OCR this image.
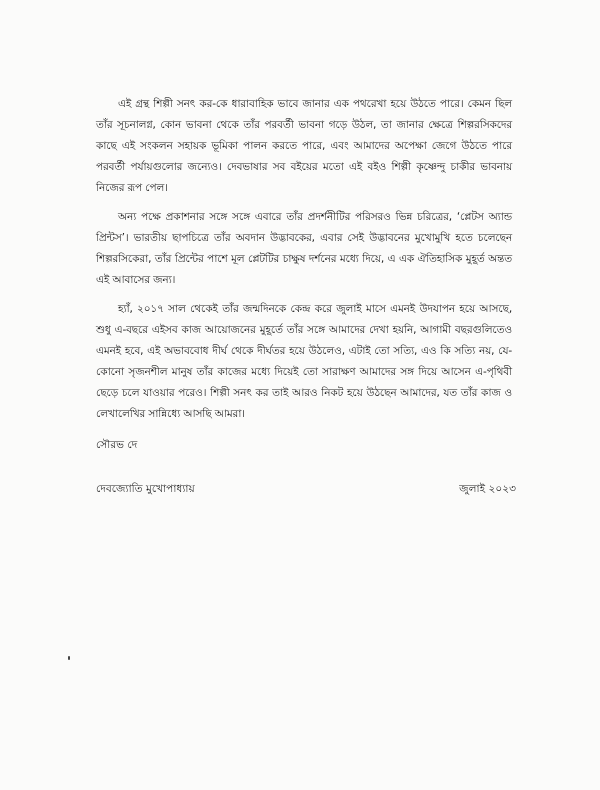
এই গ্রন্থ শিল্পী সনৎ কর-কে ধারাবাহিক ভাবে জানার এক পথরেখা হয়ে উঠতে পারে। কেমন ছিল তাঁর সূচনালগ্ন, কোন ভাবনা থেকে তাঁর পরবর্তী ভাবনা গড়ে উঠল, তা জানার ক্ষেত্রে শিল্পরসিকদের কাছে এই সংকলন সহায়ক ভূমিকা পালন করতে পারে, এবং আমাদের অপেক্ষা জেগে উঠতে পারে পরবর্তী পর্যায়গুলোর জন্যেও। দেবভাষার সব বইয়ের মতো এই বইও শিল্পী কৃষ্ণেন্দু চাকীর ভাবনায় নিজের রূপ পেল।

অন্য পক্ষে প্রকাশনার সঙ্গে সঙ্গে এবারে তাঁর প্রদর্শনীটির পরিসরও ভিন্ন চরিত্রের, ‘প্লেটস অ্যান্ড প্রিন্টস’। ভারতীয় ছাপচিত্রে তাঁর অবদান উদ্ভাবকের, এবার সেই উদ্ভাবনের মুখোমুখি হতে চলেছেন শিল্পরসিকেরা, তাঁর প্রিন্টের পাশে মূল প্লেটটির চাক্ষুষ দর্শনের মধ্যে দিয়ে, এ এক ঐতিহাসিক মুহূর্ত অন্তত এই আবাসের জন্য।

হ্যাঁ, ২০১৭ সাল থেকেই তাঁর জন্মদিনকে কেন্দ্র করে জুলাই মাসে এমনই উদযাপন হয়ে আসছে, শুধু এ-বছরে এইসব কাজ আয়োজনের মুহূর্তে তাঁর সঙ্গে আমাদের দেখা হয়নি, আগামী বছরগুলিতেও এমনই হবে, এই অভাববোধ দীর্ঘ থেকে দীর্ঘতর হয়ে উঠলেও, এটাই তো সত্যি, এও কি সত্যি নয়, যে-কোনো সৃজনশীল মানুষ তাঁর কাজের মধ্যে দিয়েই তো সারাক্ষণ আমাদের সঙ্গ দিয়ে আসেন এ-পৃথিবী ছেড়ে চলে যাওয়ার পরেও। শিল্পী সনৎ কর তাই আরও নিকট হয়ে উঠছেন আমাদের, যত তাঁর কাজ ও লেখালেখির সান্নিধ্যে আসছি আমরা।

সৌরভ দে
দেবজ্যোতি মুখোপাধ্যায়	জুলাই ২০২৩
